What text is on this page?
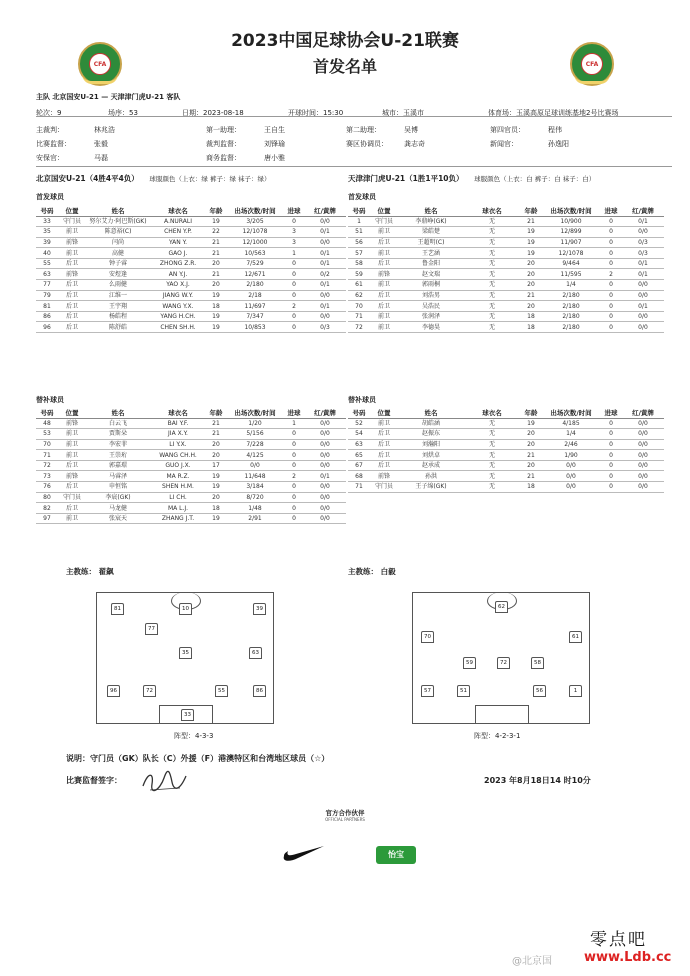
CFA	CFA
2023中国足球协会U-21联赛
首发名单
主队 北京国安U-21 — 天津津门虎U-21 客队
轮次：9	场序：53	日期：2023-08-18	开球时间：15:30	城市：玉溪市	体育场：玉溪高原足球训练基地2号比赛场
主裁判：	林兆浩	第一助理：	王自生	第二助理：	吴博	第四官员：	程伟
比赛监督：	张毅	裁判监督：	刘锋瑜	赛区协调员： 龚志奇	新闻官：	孙逸阳
安保官：	马磊	商务监督：	唐小雅
北京国安U-21（4胜4平4负） 球服颜色（上衣：绿 裤子：绿 袜子：绿）	天津津门虎U-21（1胜1平10负） 球服颜色（上衣：白 裤子：白 袜子：白）
首发球员	首发球员
号码	位置	姓名	球衣名	年龄	出场次数/时间	进球	红/黄牌
33	守门员	努尔艾力·阿巴斯(GK)	A.NURALI	19	3/205	0	0/0
35	前卫	陈意裕(C)	CHEN Y.P.	22	12/1078	3	0/1
39	前锋	闫尚	YAN Y.	21	12/1000	3	0/0
40	前卫	高健	GAO J.	21	10/563	1	0/1
55	后卫	钟子睿	ZHONG Z.R.	20	7/529	0	0/1
63	前锋	安煜逢	AN Y.J.	21	12/671	0	0/2
77	后卫	么雨健	YAO X.J.	20	2/180	0	0/1
79	后卫	江维一	JIANG W.Y.	19	2/18	0	0/0
81	后卫	王宇翔	WANG Y.X.	18	11/697	2	0/1
86	后卫	杨皓程	YANG H.CH.	19	7/347	0	0/0
96	后卫	陈舒皓	CHEN SH.H.	19	10/853	0	0/3
号码	位置	姓名	球衣名	年龄	出场次数/时间	进球	红/黄牌
1	守门员	李鼎峥(GK)	无	21	10/900	0	0/1
51	前卫	梁皓楚	无	19	12/899	0	0/0
56	后卫	王超明(C)	无	19	11/907	0	0/3
57	前卫	王艺涵	无	19	12/1078	0	0/3
58	后卫	鲁金阳	无	20	9/464	0	0/1
59	前锋	赵文瑞	无	20	11/595	2	0/1
61	前卫	郭雨桐	无	20	1/4	0	0/0
62	后卫	刘浩男	无	21	2/180	0	0/0
70	后卫	吴浩民	无	20	2/180	0	0/1
71	前卫	张润泽	无	18	2/180	0	0/0
72	前卫	李德昊	无	18	2/180	0	0/0
替补球员	替补球员
号码	位置	姓名	球衣名	年龄	出场次数/时间	进球	红/黄牌
48	前锋	白云飞	BAI Y.F.	21	1/20	1	0/0
53	前卫	贾斯朵	JIA X.Y.	21	5/156	0	0/0
70	前卫	李宏菲	LI Y.X.	20	7/228	0	0/0
71	前卫	王崇珩	WANG CH.H.	20	4/125	0	0/0
72	后卫	郭嘉璟	GUO J.X.	17	0/0	0	0/0
73	前锋	马睿泽	MA R.Z.	19	11/648	2	0/1
76	后卫	申恒铭	SHEN H.M.	19	3/184	0	0/0
80	守门员	李宸(GK)	LI CH.	20	8/720	0	0/0
82	后卫	马龙健	MA L.J.	18	1/48	0	0/0
97	前卫	张宸天	ZHANG J.T.	19	2/91	0	0/0
号码	位置	姓名	球衣名	年龄	出场次数/时间	进球	红/黄牌
52	前卫	胡皓涵	无	19	4/185	0	0/0
54	后卫	赵振东	无	20	1/4	0	0/0
63	后卫	刘瀚阳	无	20	2/46	0	0/0
65	后卫	刘烘卓	无	21	1/90	0	0/0
67	后卫	赵承成	无	20	0/0	0	0/0
68	前锋	孙洪	无	21	0/0	0	0/0
71	守门员	王子绵(GK)	无	18	0/0	0	0/0
主教练： 翟飙	主教练： 白毅
81	10	39
77
35	63
96	72	55	86
33
阵型：4-3-3
62
70
72
61
59	58
57	51	56	1
阵型：4-2-3-1
说明：守门员（GK）队长（C）外援（F）港澳特区和台湾地区球员（☆）
比赛监督签字：	2023 年8月18日14 时10分
官方合作伙伴
OFFICIAL PARTNERS
怡宝
@北京国
零点吧
www.Ldb.cc
